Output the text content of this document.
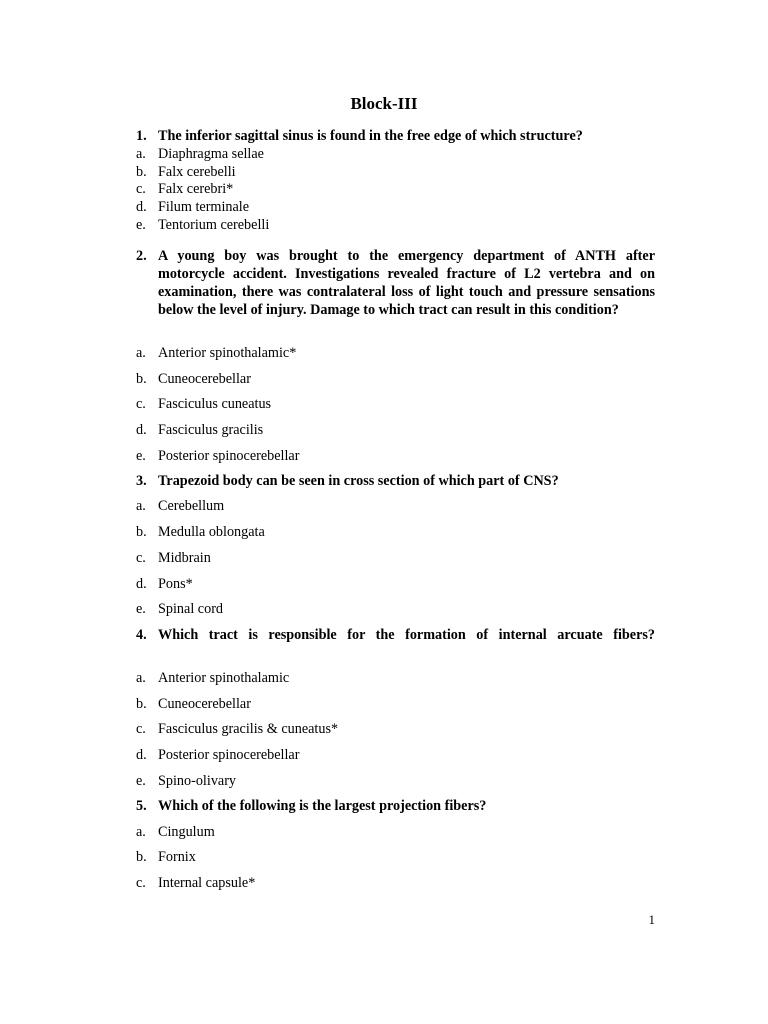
Block-III
1. The inferior sagittal sinus is found in the free edge of which structure?
a. Diaphragma sellae
b. Falx cerebelli
c. Falx cerebri*
d. Filum terminale
e. Tentorium cerebelli
2. A young boy was brought to the emergency department of ANTH after motorcycle accident. Investigations revealed fracture of L2 vertebra and on examination, there was contralateral loss of light touch and pressure sensations below the level of injury. Damage to which tract can result in this condition?
a. Anterior spinothalamic*
b. Cuneocerebellar
c. Fasciculus cuneatus
d. Fasciculus gracilis
e. Posterior spinocerebellar
3. Trapezoid body can be seen in cross section of which part of CNS?
a. Cerebellum
b. Medulla oblongata
c. Midbrain
d. Pons*
e. Spinal cord
4. Which tract is responsible for the formation of internal arcuate fibers?
a. Anterior spinothalamic
b. Cuneocerebellar
c. Fasciculus gracilis & cuneatus*
d. Posterior spinocerebellar
e. Spino-olivary
5. Which of the following is the largest projection fibers?
a. Cingulum
b. Fornix
c. Internal capsule*
1
